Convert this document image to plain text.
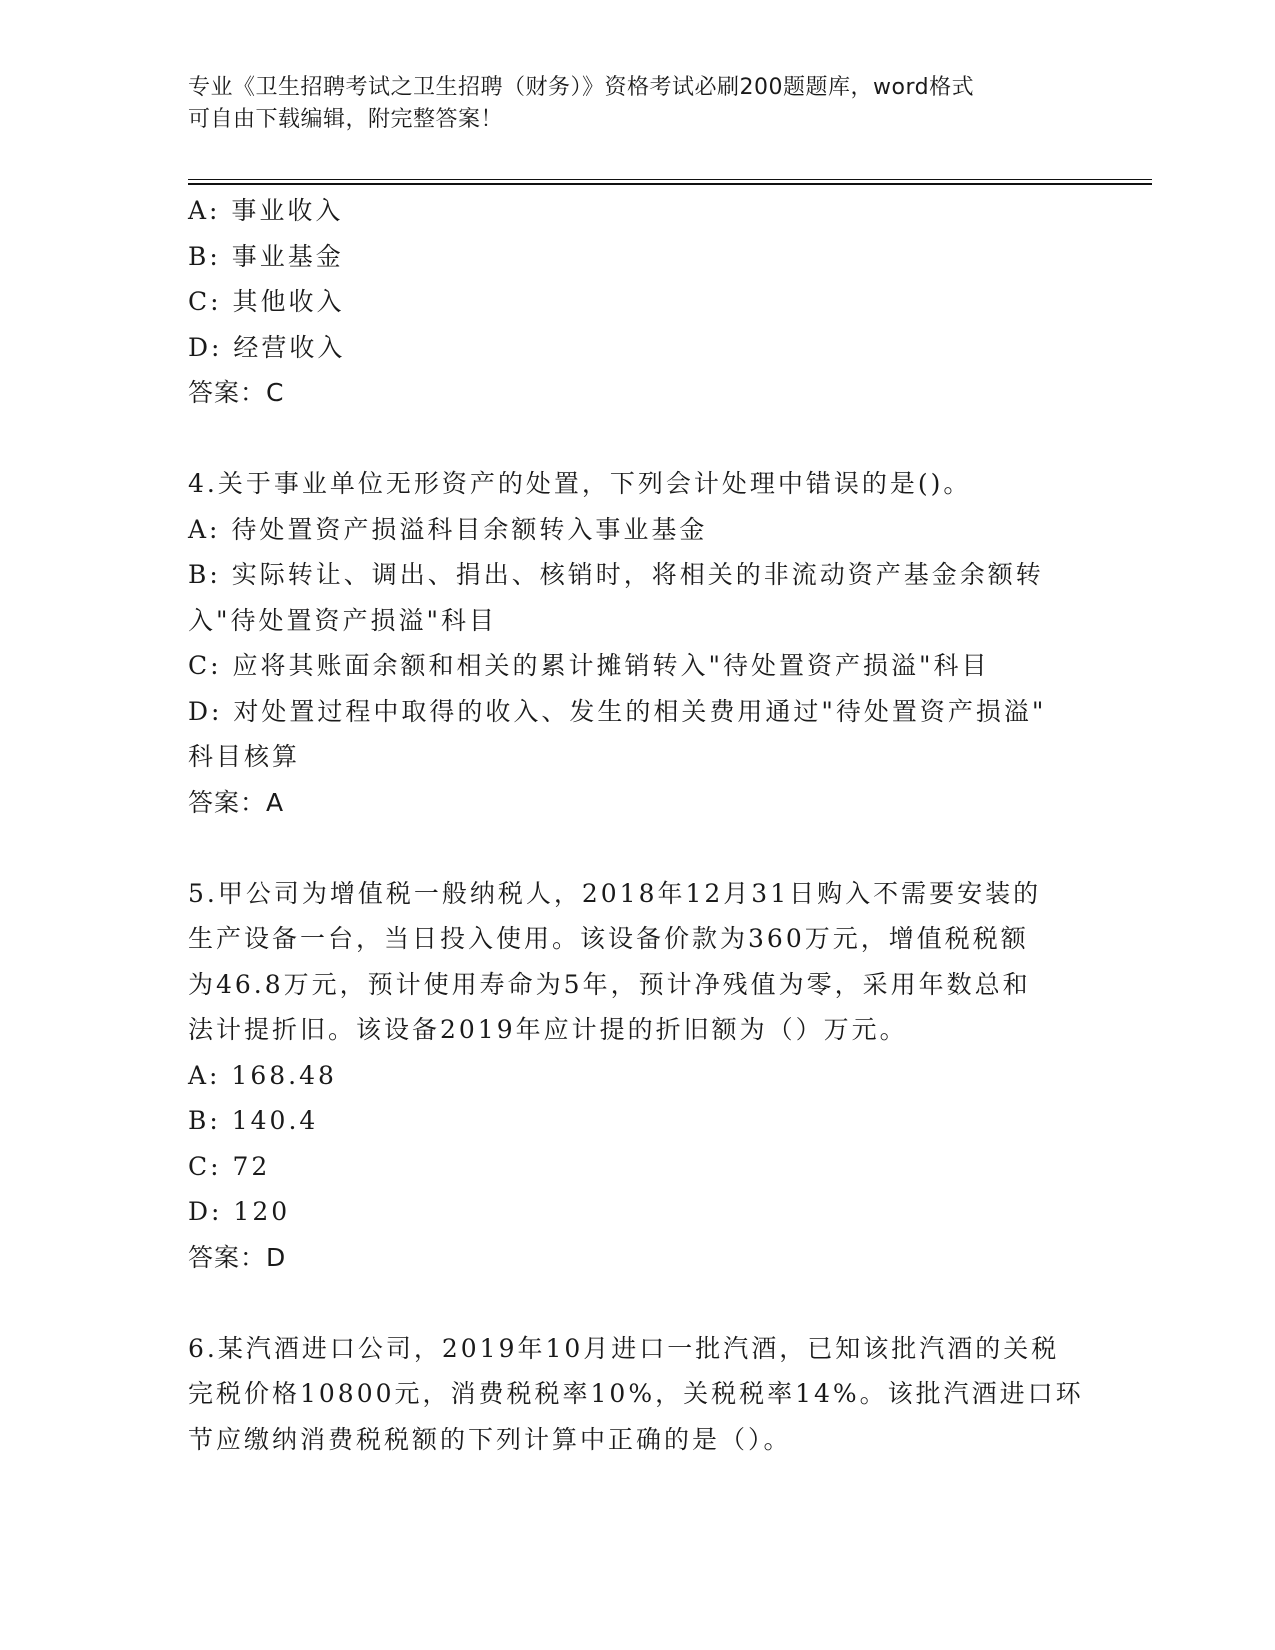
专业《卫生招聘考试之卫生招聘（财务）》资格考试必刷200题题库，word格式
可自由下载编辑，附完整答案！
A: 事业收入
B: 事业基金
C: 其他收入
D: 经营收入
答案：C
4.关于事业单位无形资产的处置，下列会计处理中错误的是()。
A: 待处置资产损溢科目余额转入事业基金
B: 实际转让、调出、捐出、核销时，将相关的非流动资产基金余额转
入"待处置资产损溢"科目
C: 应将其账面余额和相关的累计摊销转入"待处置资产损溢"科目
D: 对处置过程中取得的收入、发生的相关费用通过"待处置资产损溢"
科目核算
答案：A
5.甲公司为增值税一般纳税人，2018年12月31日购入不需要安装的
生产设备一台，当日投入使用。该设备价款为360万元，增值税税额
为46.8万元，预计使用寿命为5年，预计净残值为零，采用年数总和
法计提折旧。该设备2019年应计提的折旧额为（）万元。
A: 168.48
B: 140.4
C: 72
D: 120
答案：D
6.某汽酒进口公司，2019年10月进口一批汽酒，已知该批汽酒的关税
完税价格10800元，消费税税率10%，关税税率14%。该批汽酒进口环
节应缴纳消费税税额的下列计算中正确的是（）。
